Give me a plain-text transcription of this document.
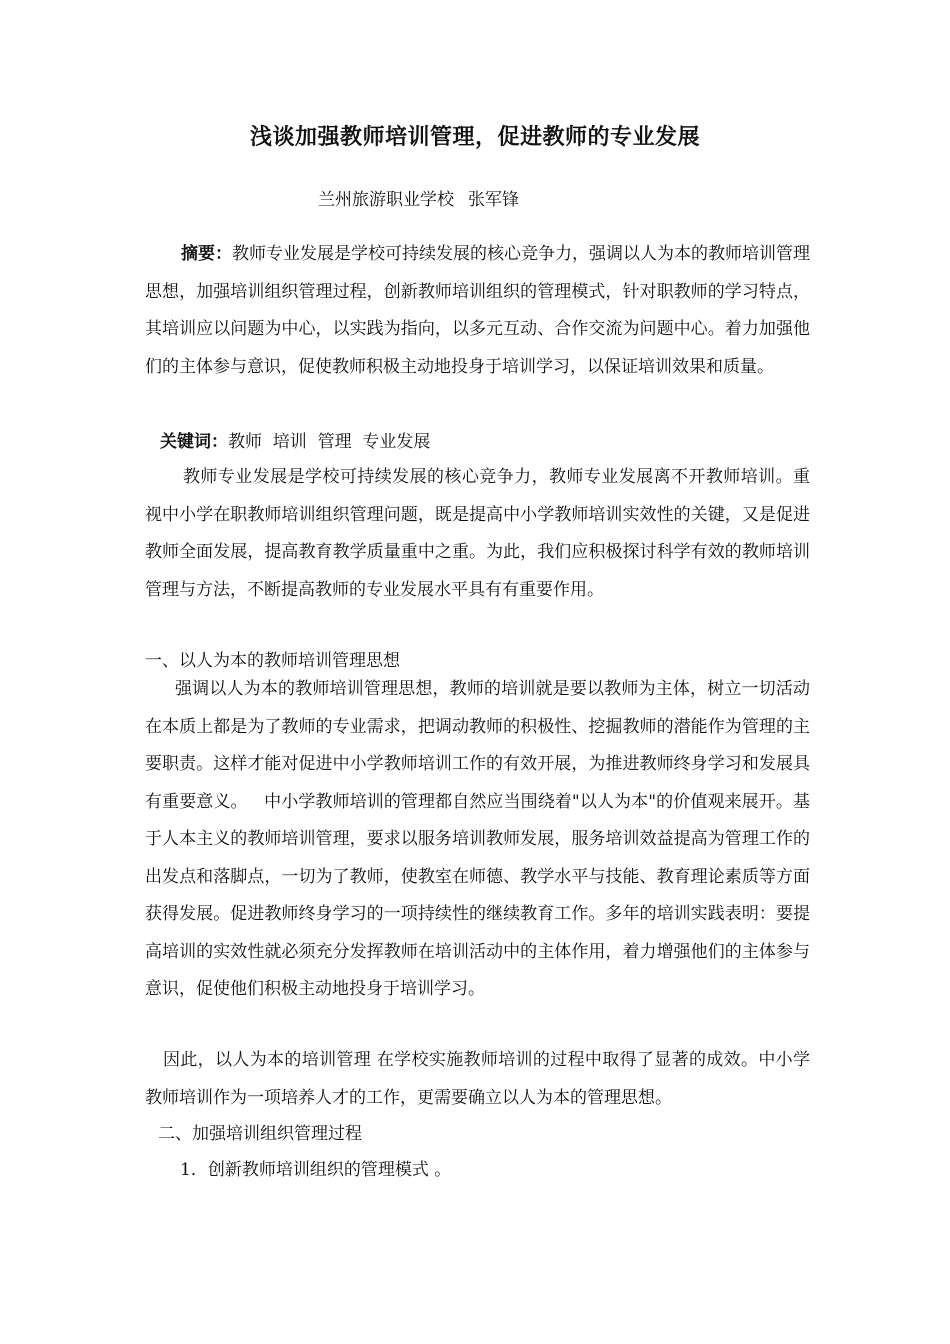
浅谈加强教师培训管理，促进教师的专业发展
兰州旅游职业学校 张军锋
摘要：教师专业发展是学校可持续发展的核心竞争力，强调以人为本的教师培训管理思想，加强培训组织管理过程，创新教师培训组织的管理模式，针对职教师的学习特点，其培训应以问题为中心，以实践为指向，以多元互动、合作交流为问题中心。着力加强他们的主体参与意识，促使教师积极主动地投身于培训学习，以保证培训效果和质量。
关键词：教师  培训  管理  专业发展
教师专业发展是学校可持续发展的核心竞争力，教师专业发展离不开教师培训。重视中小学在职教师培训组织管理问题，既是提高中小学教师培训实效性的关键，又是促进教师全面发展，提高教育教学质量重中之重。为此，我们应积极探讨科学有效的教师培训管理与方法，不断提高教师的专业发展水平具有有重要作用。
一、以人为本的教师培训管理思想
强调以人为本的教师培训管理思想，教师的培训就是要以教师为主体，树立一切活动在本质上都是为了教师的专业需求，把调动教师的积极性、挖掘教师的潜能作为管理的主要职责。这样才能对促进中小学教师培训工作的有效开展，为推进教师终身学习和发展具有重要意义。   中小学教师培训的管理都自然应当围绕着"以人为本"的价值观来展开。基于人本主义的教师培训管理，要求以服务培训教师发展，服务培训效益提高为管理工作的出发点和落脚点，一切为了教师，使教室在师德、教学水平与技能、教育理论素质等方面获得发展。促进教师终身学习的一项持续性的继续教育工作。多年的培训实践表明：要提高培训的实效性就必须充分发挥教师在培训活动中的主体作用，着力增强他们的主体参与意识，促使他们积极主动地投身于培训学习。
因此，以人为本的培训管理 在学校实施教师培训的过程中取得了显著的成效。中小学教师培训作为一项培养人才的工作，更需要确立以人为本的管理思想。
二、加强培训组织管理过程
1．创新教师培训组织的管理模式 。
